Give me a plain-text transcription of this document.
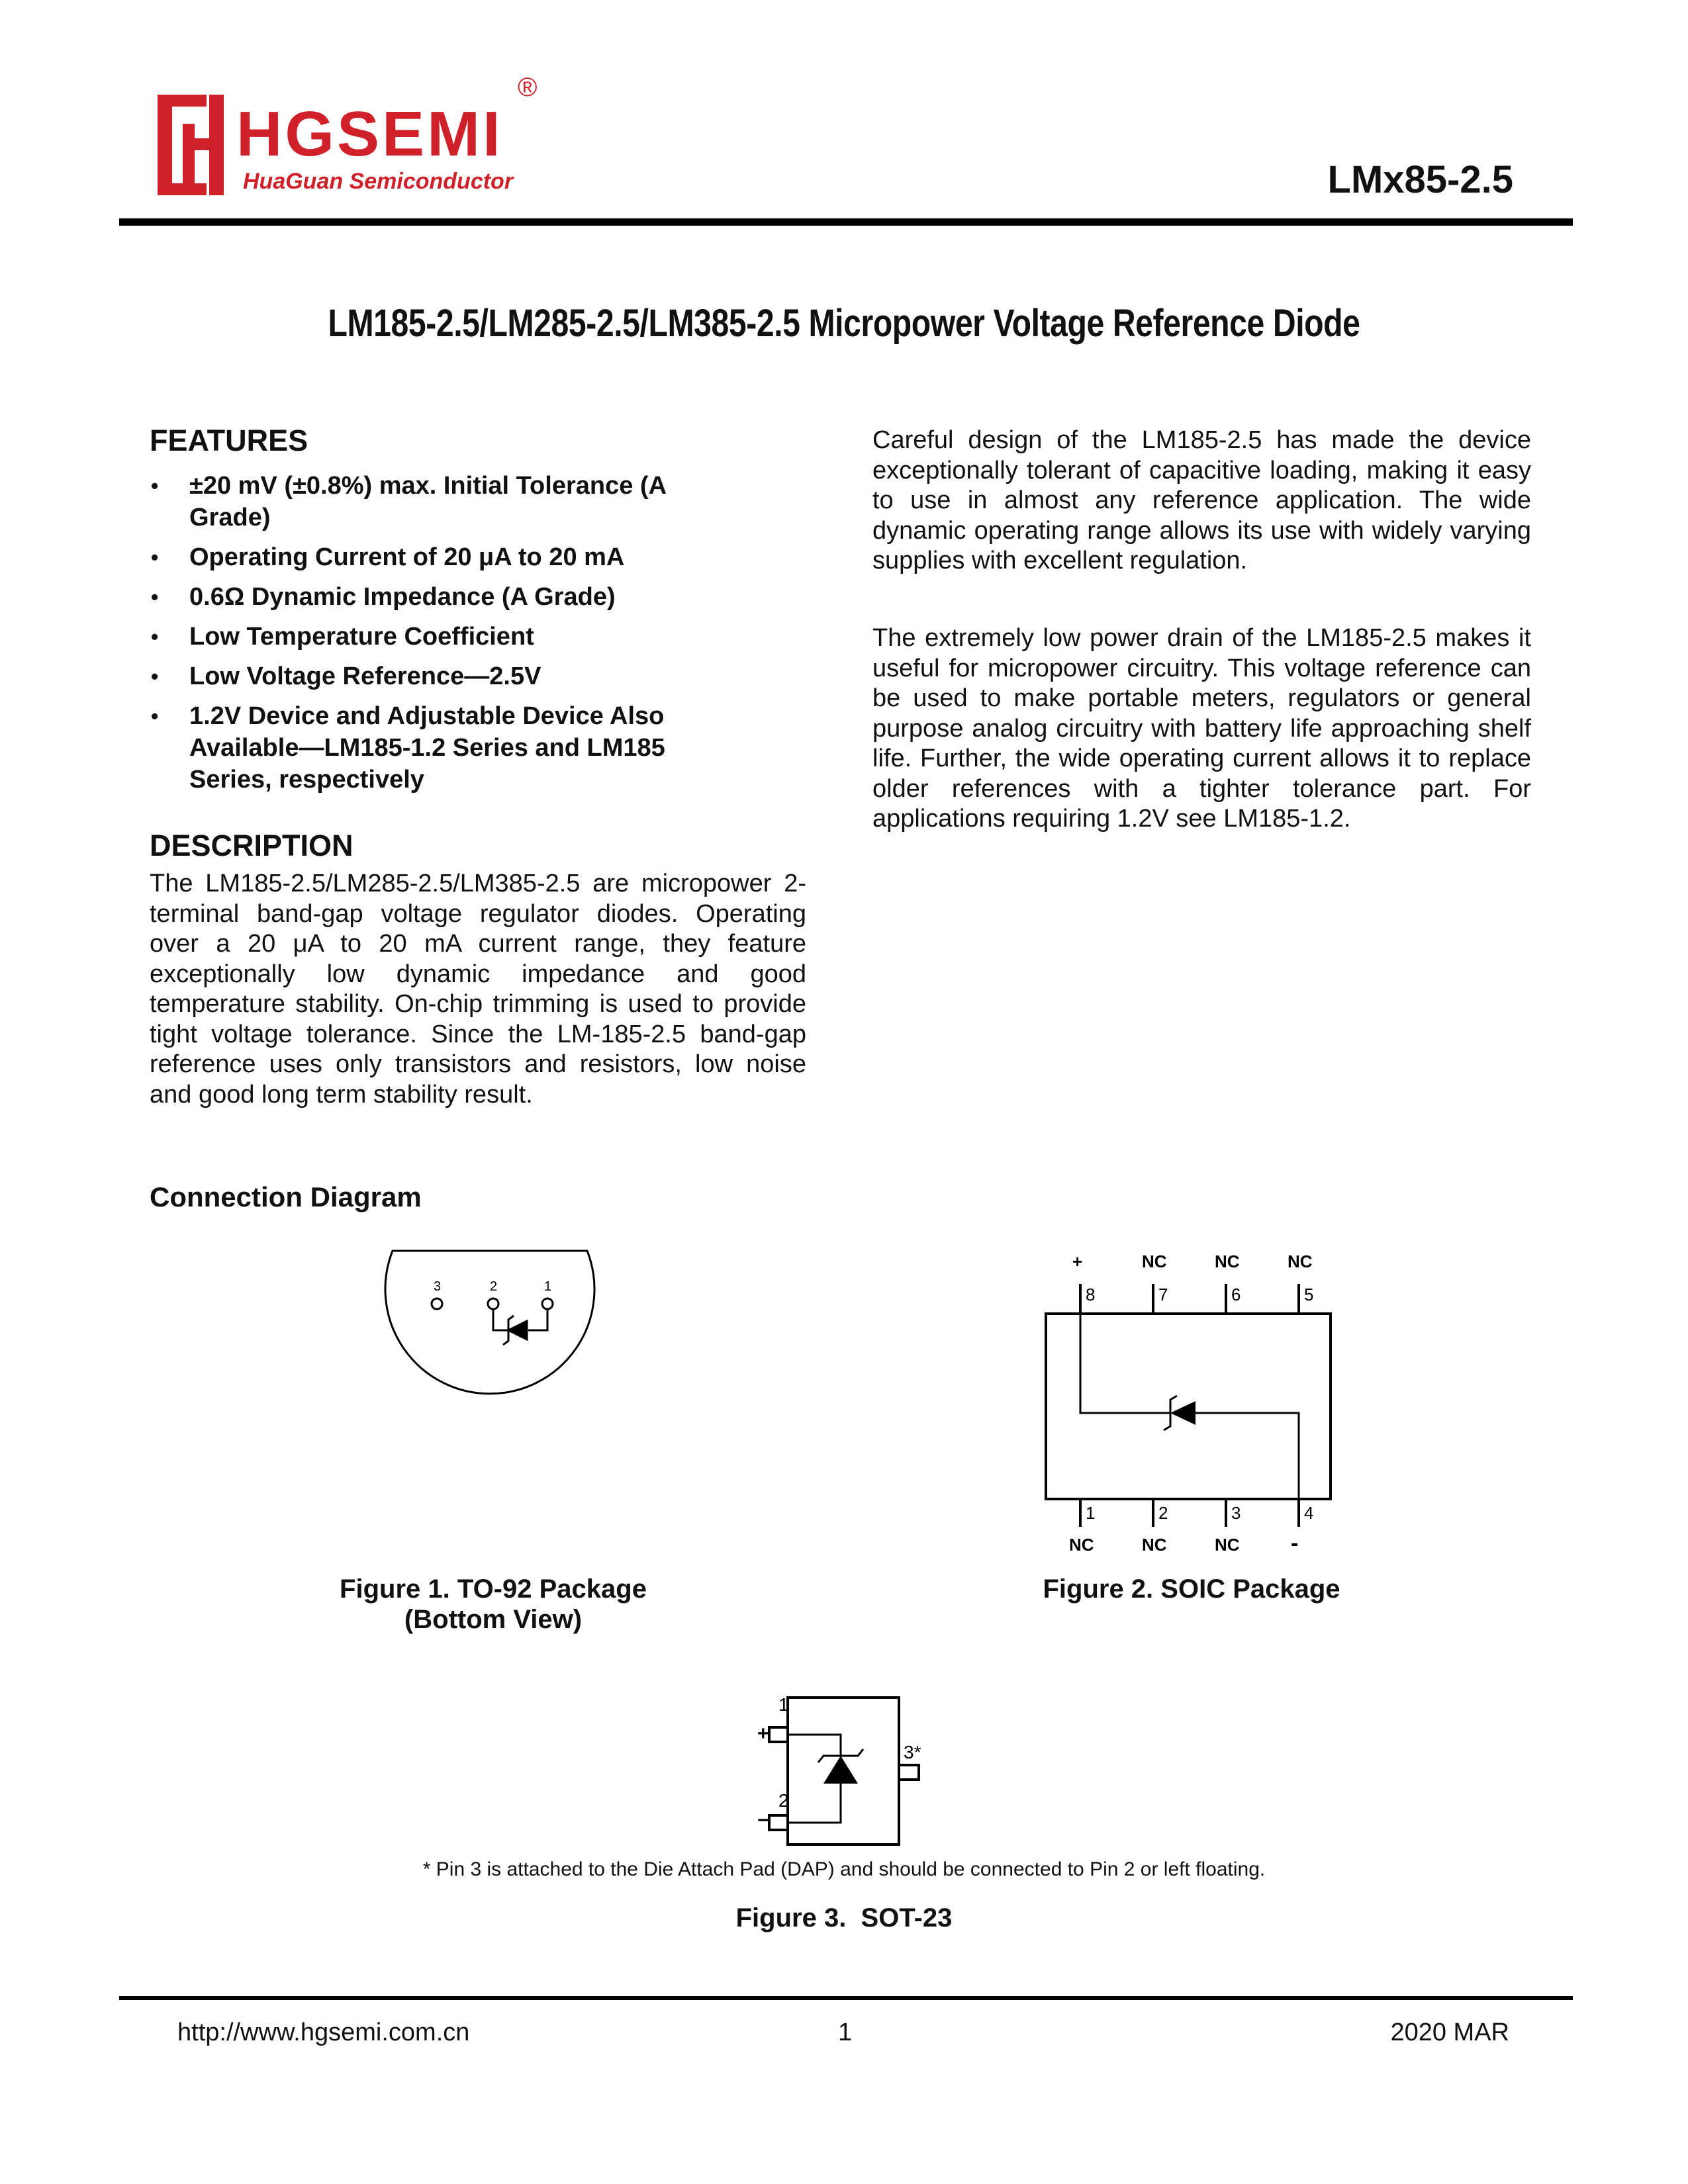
HGSEMI
HuaGuan Semiconductor
®
LMx85-2.5
LM185-2.5/LM285-2.5/LM385-2.5 Micropower Voltage Reference Diode
FEATURES
• ±20 mV (±0.8%) max. Initial Tolerance (A Grade)
• Operating Current of 20 μA to 20 mA
• 0.6Ω Dynamic Impedance (A Grade)
• Low Temperature Coefficient
• Low Voltage Reference—2.5V
• 1.2V Device and Adjustable Device Also Available—LM185-1.2 Series and LM185 Series, respectively
DESCRIPTION
The LM185-2.5/LM285-2.5/LM385-2.5 are micropower 2-terminal band-gap voltage regulator diodes. Operating over a 20 μA to 20 mA current range, they feature exceptionally low dynamic impedance and good temperature stability. On-chip trimming is used to provide tight voltage tolerance. Since the LM-185-2.5 band-gap reference uses only transistors and resistors, low noise and good long term stability result.
Careful design of the LM185-2.5 has made the device exceptionally tolerant of capacitive loading, making it easy to use in almost any reference application. The wide dynamic operating range allows its use with widely varying supplies with excellent regulation.
The extremely low power drain of the LM185-2.5 makes it useful for micropower circuitry. This voltage reference can be used to make portable meters, regulators or general purpose analog circuitry with battery life approaching shelf life. Further, the wide operating current allows it to replace older references with a tighter tolerance part. For applications requiring 1.2V see LM185-1.2.
Connection Diagram
3	2	1
+	NC	NC	NC
8	7	6	5
1	2	3	4
NC	NC	NC -
1
+
2
−
3*
Figure 1. TO-92 Package
(Bottom View)
Figure 2. SOIC Package
* Pin 3 is attached to the Die Attach Pad (DAP) and should be connected to Pin 2 or left floating.
Figure 3.  SOT-23
http://www.hgsemi.com.cn	1	2020 MAR
